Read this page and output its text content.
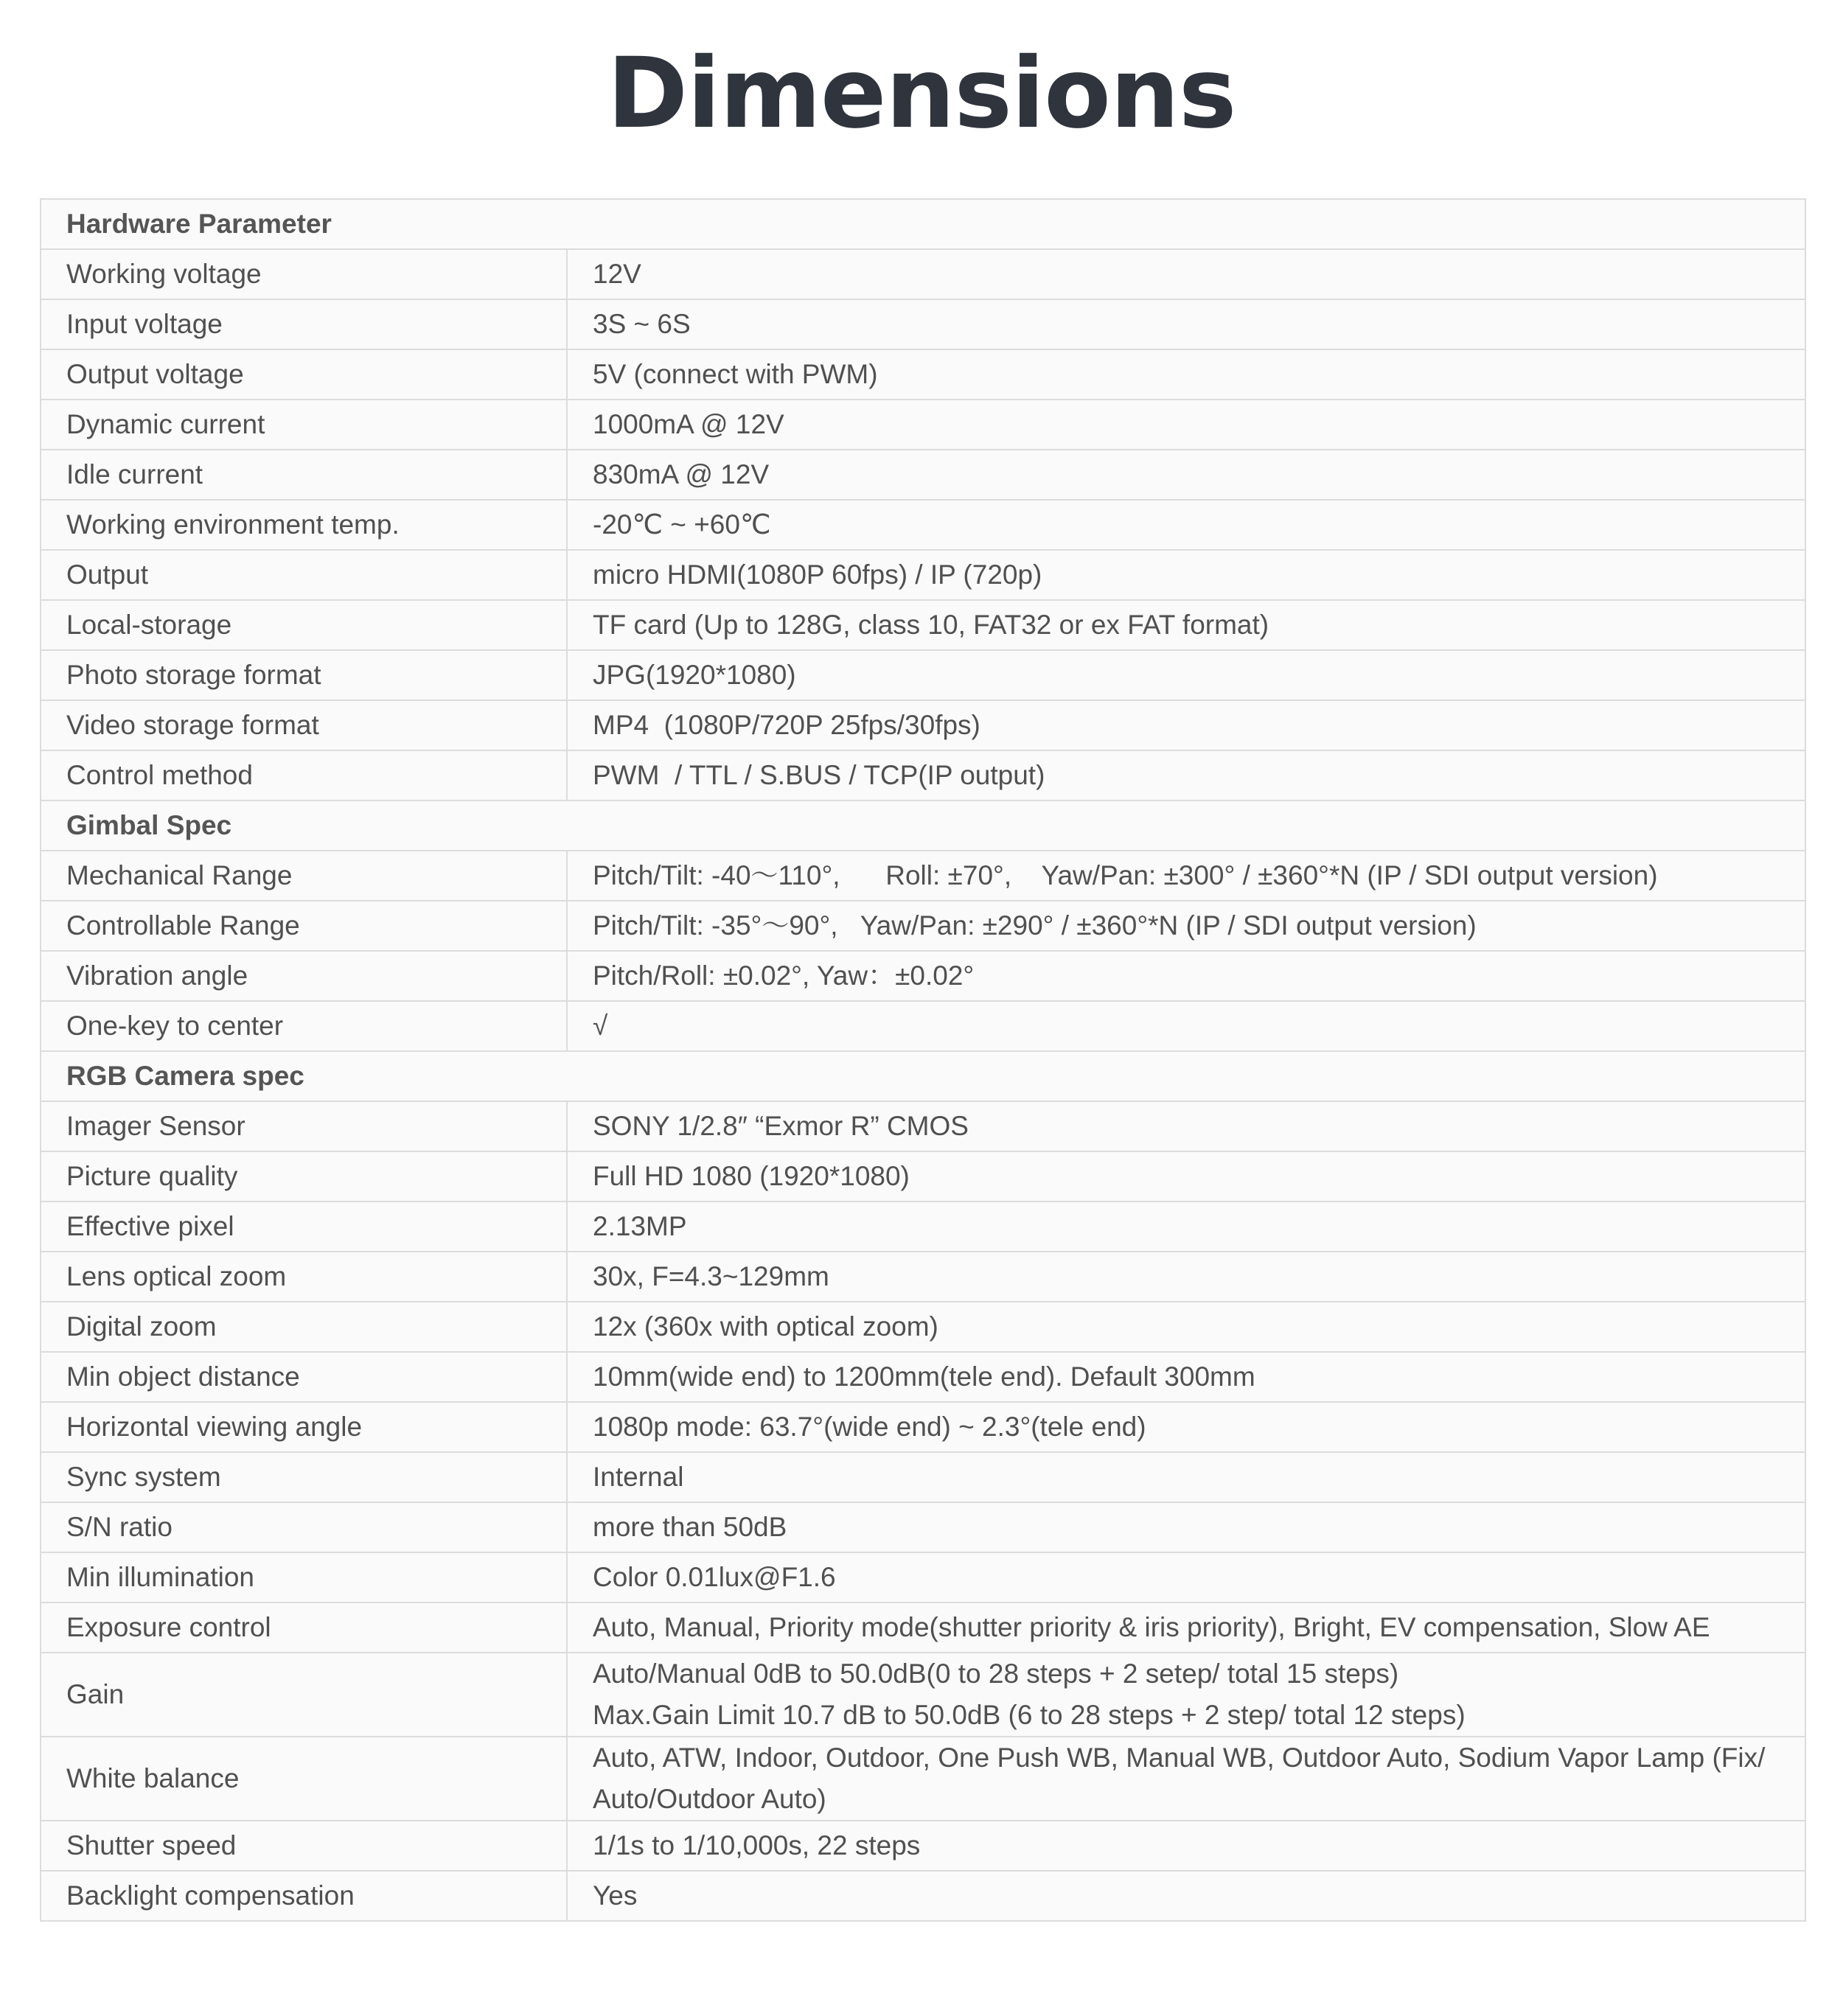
Dimensions
Hardware Parameter	
Working voltage	12V
Input voltage	3S ~ 6S
Output voltage	5V (connect with PWM)
Dynamic current	1000mA @ 12V
Idle current	830mA @ 12V
Working environment temp.	-20℃ ~ +60℃
Output	micro HDMI(1080P 60fps) / IP (720p)
Local-storage	TF card (Up to 128G, class 10, FAT32 or ex FAT format)
Photo storage format	JPG(1920*1080)
Video storage format	MP4  (1080P/720P 25fps/30fps)
Control method	PWM  / TTL / S.BUS / TCP(IP output)
Gimbal Spec	
Mechanical Range	Pitch/Tilt: -40～110°,      Roll: ±70°,    Yaw/Pan: ±300° / ±360°*N (IP / SDI output version)
Controllable Range	Pitch/Tilt: -35°～90°,   Yaw/Pan: ±290° / ±360°*N (IP / SDI output version)
Vibration angle	Pitch/Roll: ±0.02°, Yaw：±0.02°
One-key to center	√
RGB Camera spec	
Imager Sensor	SONY 1/2.8″ “Exmor R” CMOS
Picture quality	Full HD 1080 (1920*1080)
Effective pixel	2.13MP
Lens optical zoom	30x, F=4.3~129mm
Digital zoom	12x (360x with optical zoom)
Min object distance	10mm(wide end) to 1200mm(tele end). Default 300mm
Horizontal viewing angle	1080p mode: 63.7°(wide end) ~ 2.3°(tele end)
Sync system	Internal
S/N ratio	more than 50dB
Min illumination	Color 0.01lux@F1.6
Exposure control	Auto, Manual, Priority mode(shutter priority & iris priority), Bright, EV compensation, Slow AE
Gain	Auto/Manual 0dB to 50.0dB(0 to 28 steps + 2 setep/ total 15 steps)
Max.Gain Limit 10.7 dB to 50.0dB (6 to 28 steps + 2 step/ total 12 steps)
White balance	Auto, ATW, Indoor, Outdoor, One Push WB, Manual WB, Outdoor Auto, Sodium Vapor Lamp (Fix/
Auto/Outdoor Auto)
Shutter speed	1/1s to 1/10,000s, 22 steps
Backlight compensation	Yes
